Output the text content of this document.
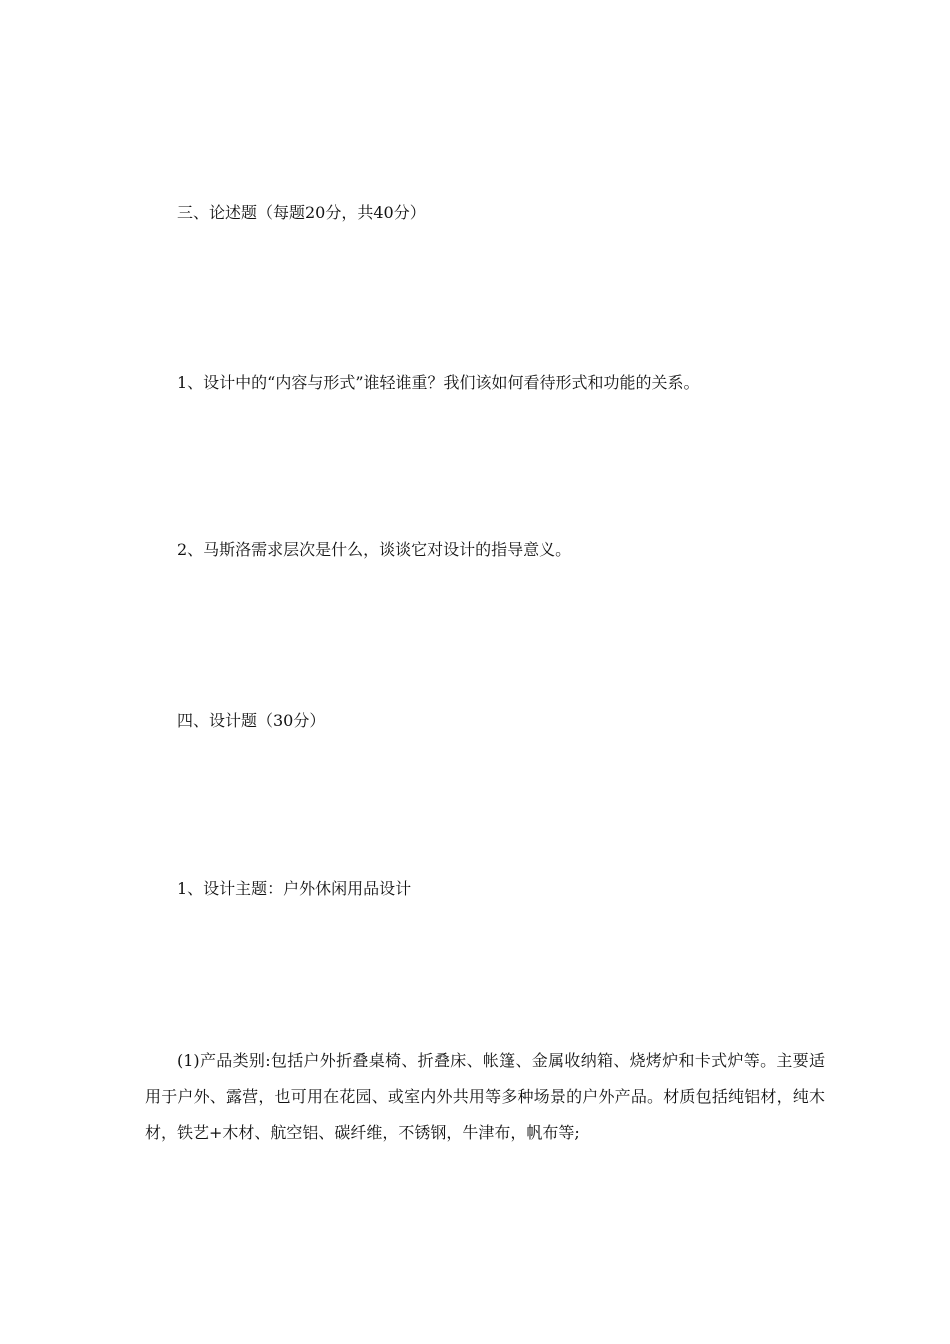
三、论述题（每题20分，共40分）

1、设计中的“内容与形式”谁轻谁重？我们该如何看待形式和功能的关系。

2、马斯洛需求层次是什么，谈谈它对设计的指导意义。

四、设计题（30分）

1、设计主题：户外休闲用品设计

(1)产品类别:包括户外折叠桌椅、折叠床、帐篷、金属收纳箱、烧烤炉和卡式炉等。主要适用于户外、露营，也可用在花园、或室内外共用等多种场景的户外产品。材质包括纯铝材，纯木材，铁艺+木材、航空铝、碳纤维，不锈钢，牛津布，帆布等;
